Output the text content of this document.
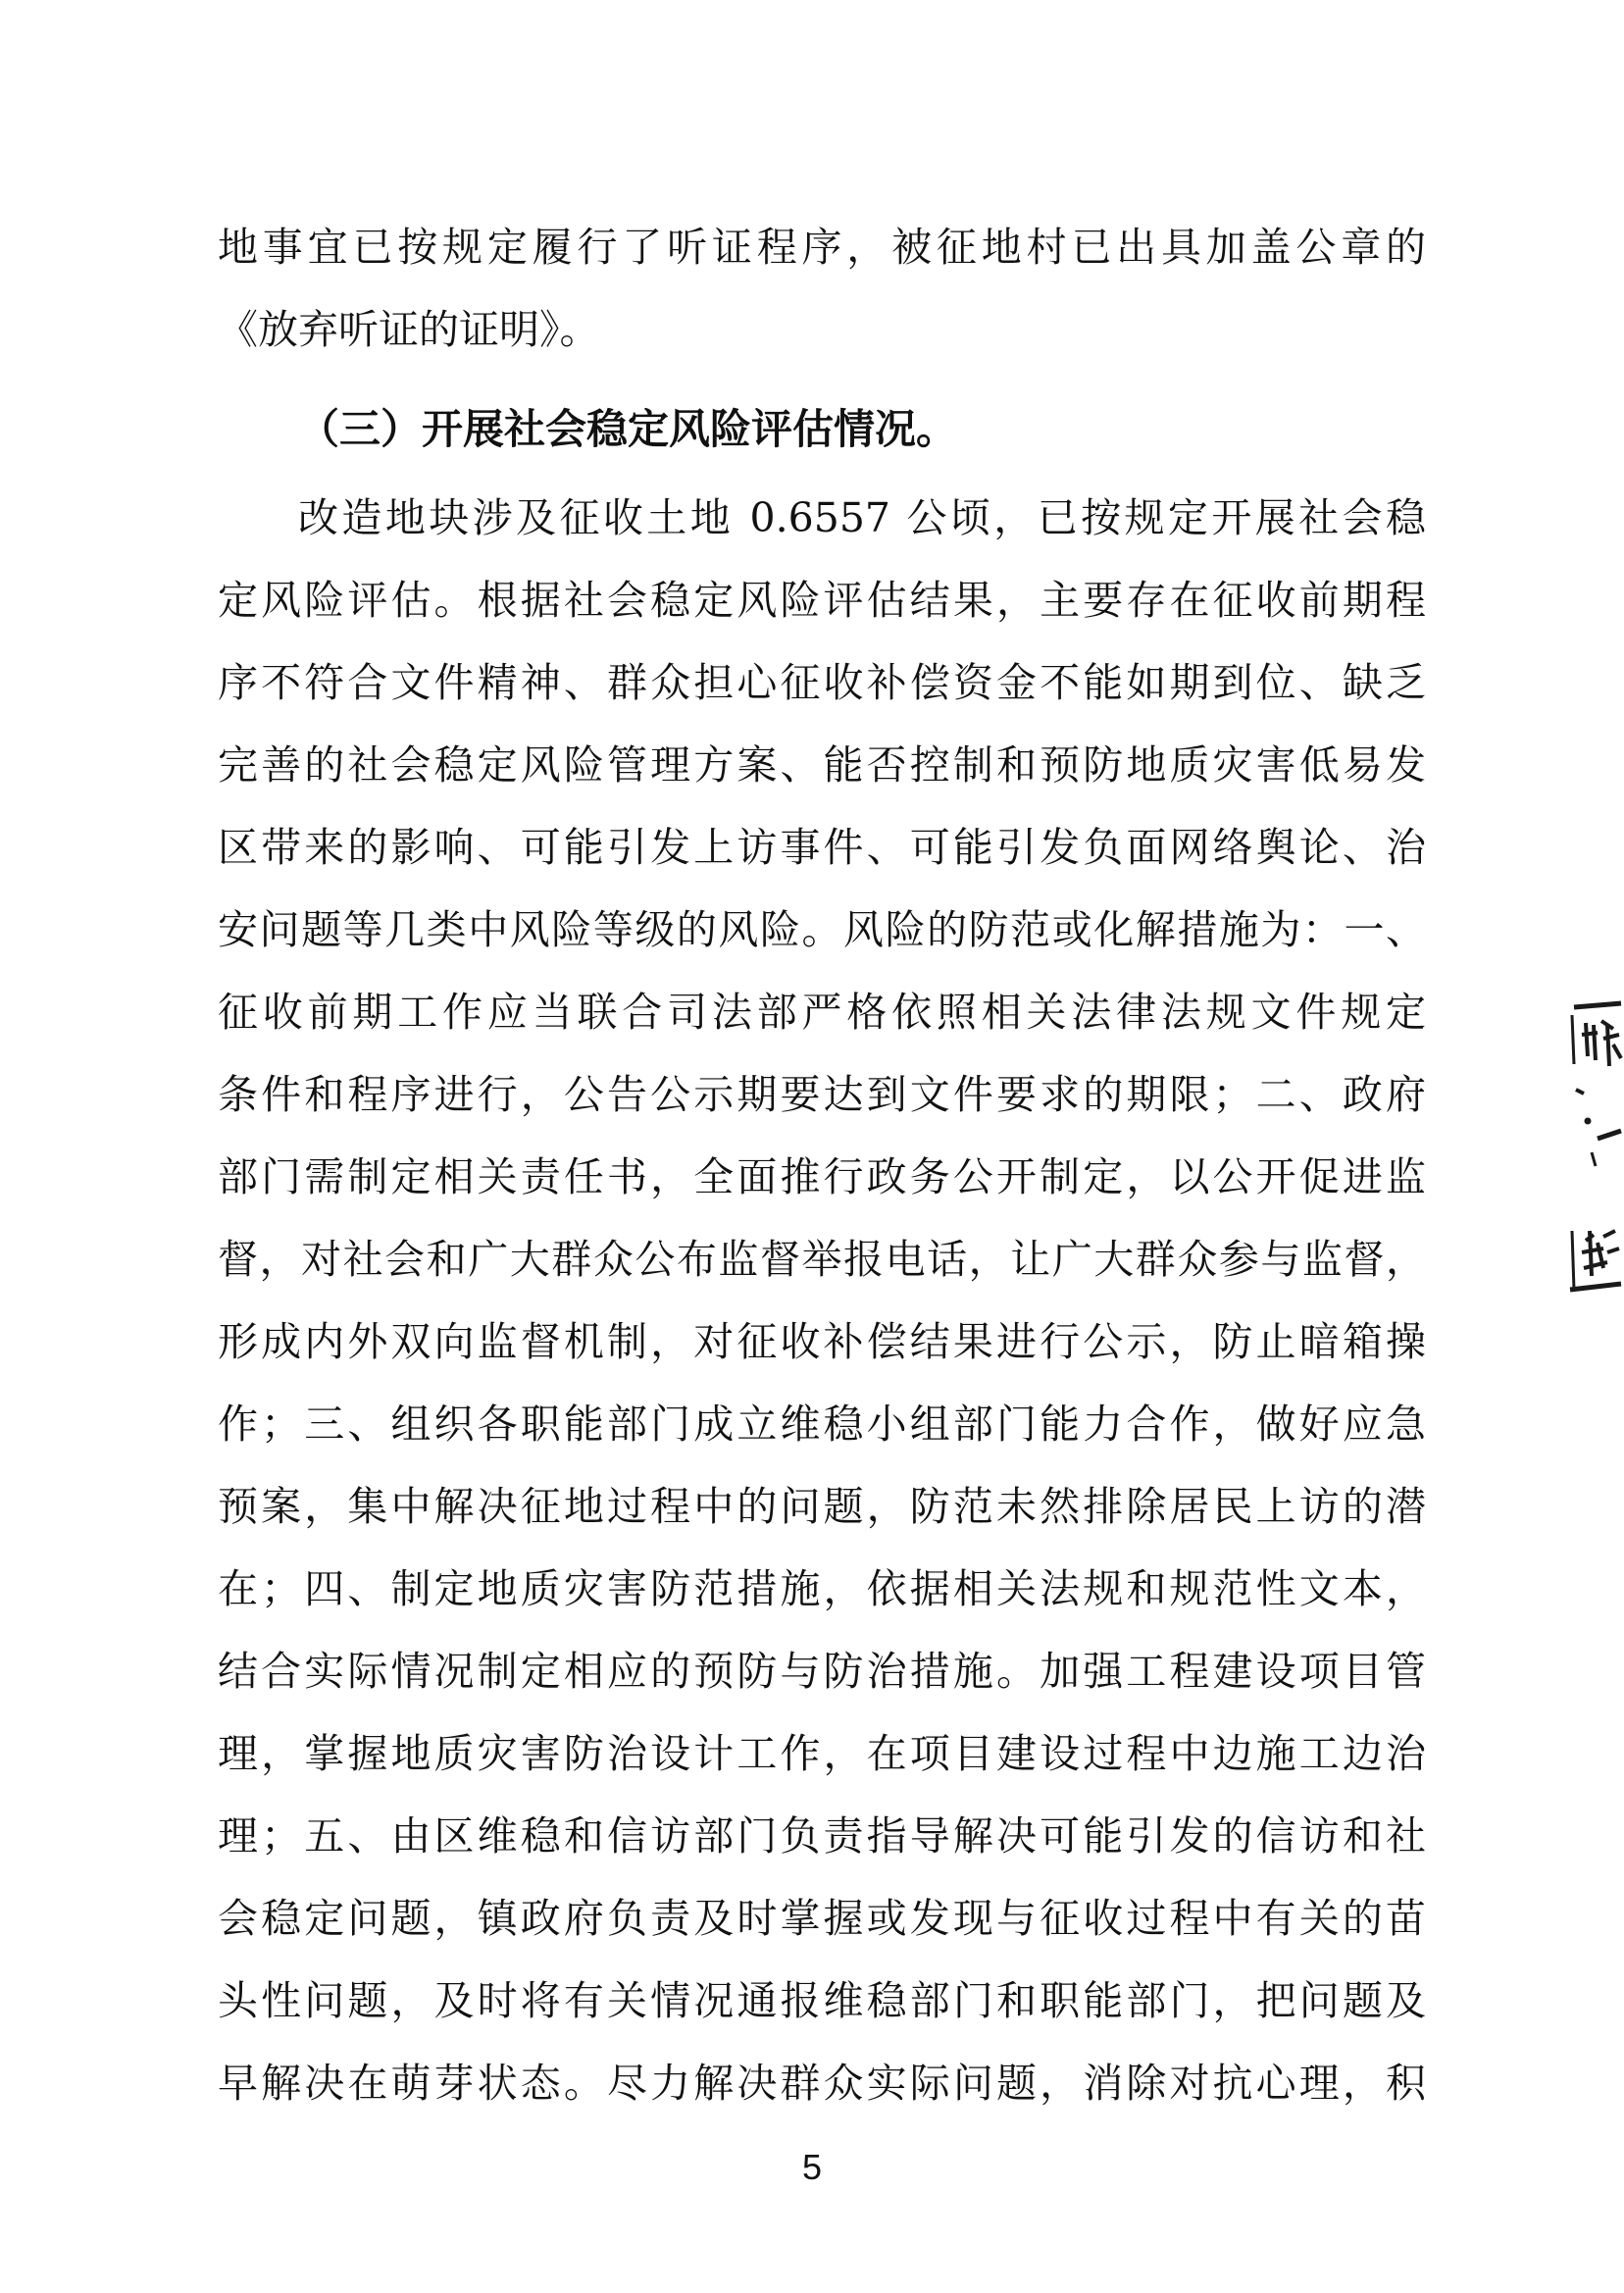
地事宜已按规定履行了听证程序，被征地村已出具加盖公章的
《放弃听证的证明》。
（三）开展社会稳定风险评估情况。
改造地块涉及征收土地 0.6557 公顷，已按规定开展社会稳
定风险评估。根据社会稳定风险评估结果，主要存在征收前期程
序不符合文件精神、群众担心征收补偿资金不能如期到位、缺乏
完善的社会稳定风险管理方案、能否控制和预防地质灾害低易发
区带来的影响、可能引发上访事件、可能引发负面网络舆论、治
安问题等几类中风险等级的风险。风险的防范或化解措施为：一、
征收前期工作应当联合司法部严格依照相关法律法规文件规定
条件和程序进行，公告公示期要达到文件要求的期限；二、政府
部门需制定相关责任书，全面推行政务公开制定，以公开促进监
督，对社会和广大群众公布监督举报电话，让广大群众参与监督，
形成内外双向监督机制，对征收补偿结果进行公示，防止暗箱操
作；三、组织各职能部门成立维稳小组部门能力合作，做好应急
预案，集中解决征地过程中的问题，防范未然排除居民上访的潜
在；四、制定地质灾害防范措施，依据相关法规和规范性文本，
结合实际情况制定相应的预防与防治措施。加强工程建设项目管
理，掌握地质灾害防治设计工作，在项目建设过程中边施工边治
理；五、由区维稳和信访部门负责指导解决可能引发的信访和社
会稳定问题，镇政府负责及时掌握或发现与征收过程中有关的苗
头性问题，及时将有关情况通报维稳部门和职能部门，把问题及
早解决在萌芽状态。尽力解决群众实际问题，消除对抗心理，积
5
